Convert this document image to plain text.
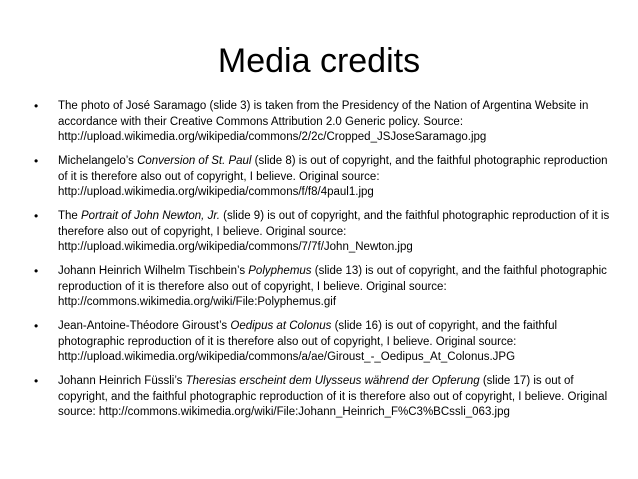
Media credits
• The photo of José Saramago (slide 3) is taken from the Presidency of the Nation of Argentina Website in accordance with their Creative Commons Attribution 2.0 Generic policy. Source: http://upload.wikimedia.org/wikipedia/commons/2/2c/Cropped_JSJoseSaramago.jpg
• Michelangelo’s Conversion of St. Paul (slide 8) is out of copyright, and the faithful photographic reproduction of it is therefore also out of copyright, I believe. Original source: http://upload.wikimedia.org/wikipedia/commons/f/f8/4paul1.jpg
• The Portrait of John Newton, Jr. (slide 9) is out of copyright, and the faithful photographic reproduction of it is therefore also out of copyright, I believe. Original source: http://upload.wikimedia.org/wikipedia/commons/7/7f/John_Newton.jpg
• Johann Heinrich Wilhelm Tischbein’s Polyphemus (slide 13) is out of copyright, and the faithful photographic reproduction of it is therefore also out of copyright, I believe. Original source: http://commons.wikimedia.org/wiki/File:Polyphemus.gif
• Jean-Antoine-Théodore Giroust’s Oedipus at Colonus (slide 16) is out of copyright, and the faithful photographic reproduction of it is therefore also out of copyright, I believe. Original source: http://upload.wikimedia.org/wikipedia/commons/a/ae/Giroust_-_Oedipus_At_Colonus.JPG
• Johann Heinrich Füssli’s Theresias erscheint dem Ulysseus während der Opferung (slide 17) is out of copyright, and the faithful photographic reproduction of it is therefore also out of copyright, I believe. Original source: http://commons.wikimedia.org/wiki/File:Johann_Heinrich_F%C3%BCssli_063.jpg
